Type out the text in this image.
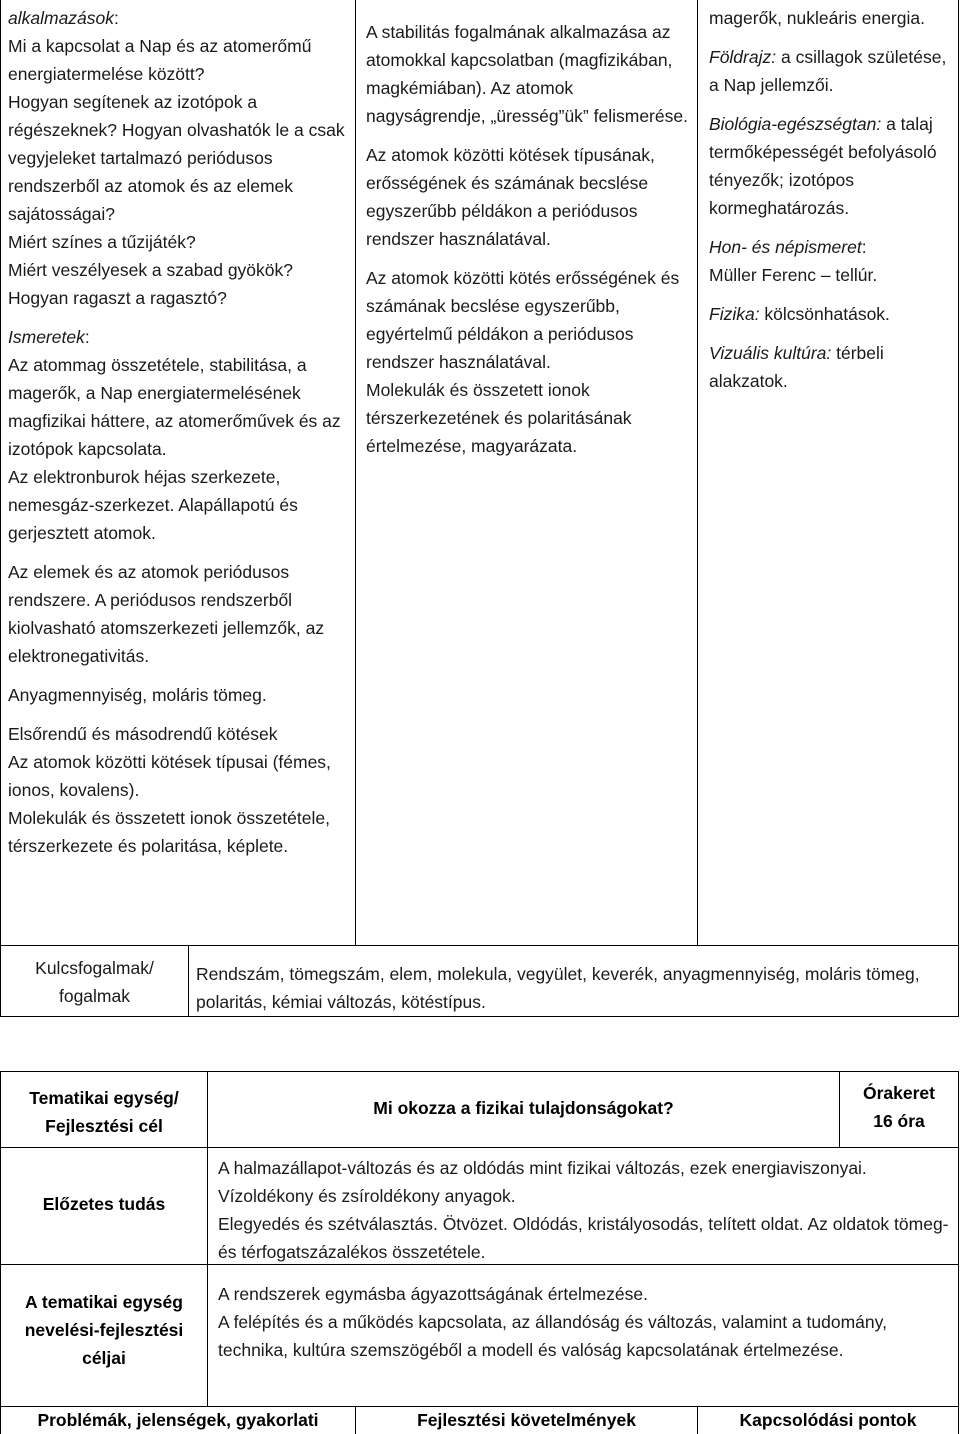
alkalmazások:

Mi a kapcsolat a Nap és az atomerőmű energiatermelése között?

Hogyan segítenek az izotópok a régészeknek? Hogyan olvashatók le a csak vegyjeleket tartalmazó periódusos rendszerből az atomok és az elemek sajátosságai?

Miért színes a tűzijáték?

Miért veszélyesek a szabad gyökök?

Hogyan ragaszt a ragasztó?

Ismeretek:

Az atommag összetétele, stabilitása, a magerők, a Nap energiatermelésének magfizikai háttere, az atomerőművek és az izotópok kapcsolata.

Az elektronburok héjas szerkezete, nemesgáz-szerkezet. Alapállapotú és gerjesztett atomok.

Az elemek és az atomok periódusos rendszere. A periódusos rendszerből kiolvasható atomszerkezeti jellemzők, az elektronegativitás.

Anyagmennyiség, moláris tömeg.

Elsőrendű és másodrendű kötések

Az atomok közötti kötések típusai (fémes, ionos, kovalens).

Molekulák és összetett ionok összetétele, térszerkezete és polaritása, képlete.

A stabilitás fogalmának alkalmazása az atomokkal kapcsolatban (magfizikában, magkémiában). Az atomok nagyságrendje, „üresség”ük” felismerése.

Az atomok közötti kötések típusának, erősségének és számának becslése egyszerűbb példákon a periódusos rendszer használatával.

Az atomok közötti kötés erősségének és számának becslése egyszerűbb, egyértelmű példákon a periódusos rendszer használatával.

Molekulák és összetett ionok térszerkezetének és polaritásának értelmezése, magyarázata.

magerők, nukleáris energia.

Földrajz: a csillagok születése, a Nap jellemzői.

Biológia-egészségtan: a talaj termőképességét befolyásoló tényezők; izotópos kormeghatározás.

Hon- és népismeret:

Müller Ferenc – tellúr.

Fizika: kölcsönhatások.

Vizuális kultúra: térbeli alakzatok.

Kulcsfogalmak/

fogalmak

Rendszám, tömegszám, elem, molekula, vegyület, keverék, anyagmennyiség, moláris tömeg, polaritás, kémiai változás, kötéstípus.

Tematikai egység/

Fejlesztési cél

Mi okozza a fizikai tulajdonságokat?

Órakeret

16 óra

Előzetes tudás

A halmazállapot-változás és az oldódás mint fizikai változás, ezek energiaviszonyai. Vízoldékony és zsíroldékony anyagok.

Elegyedés és szétválasztás. Ötvözet. Oldódás, kristályosodás, telített oldat. Az oldatok tömeg- és térfogatszázalékos összetétele.

A tematikai egység

nevelési-fejlesztési

céljai

A rendszerek egymásba ágyazottságának értelmezése.

A felépítés és a működés kapcsolata, az állandóság és változás, valamint a tudomány, technika, kultúra szemszögéből a modell és valóság kapcsolatának értelmezése.

Problémák, jelenségek, gyakorlati	Fejlesztési követelmények	Kapcsolódási pontok
